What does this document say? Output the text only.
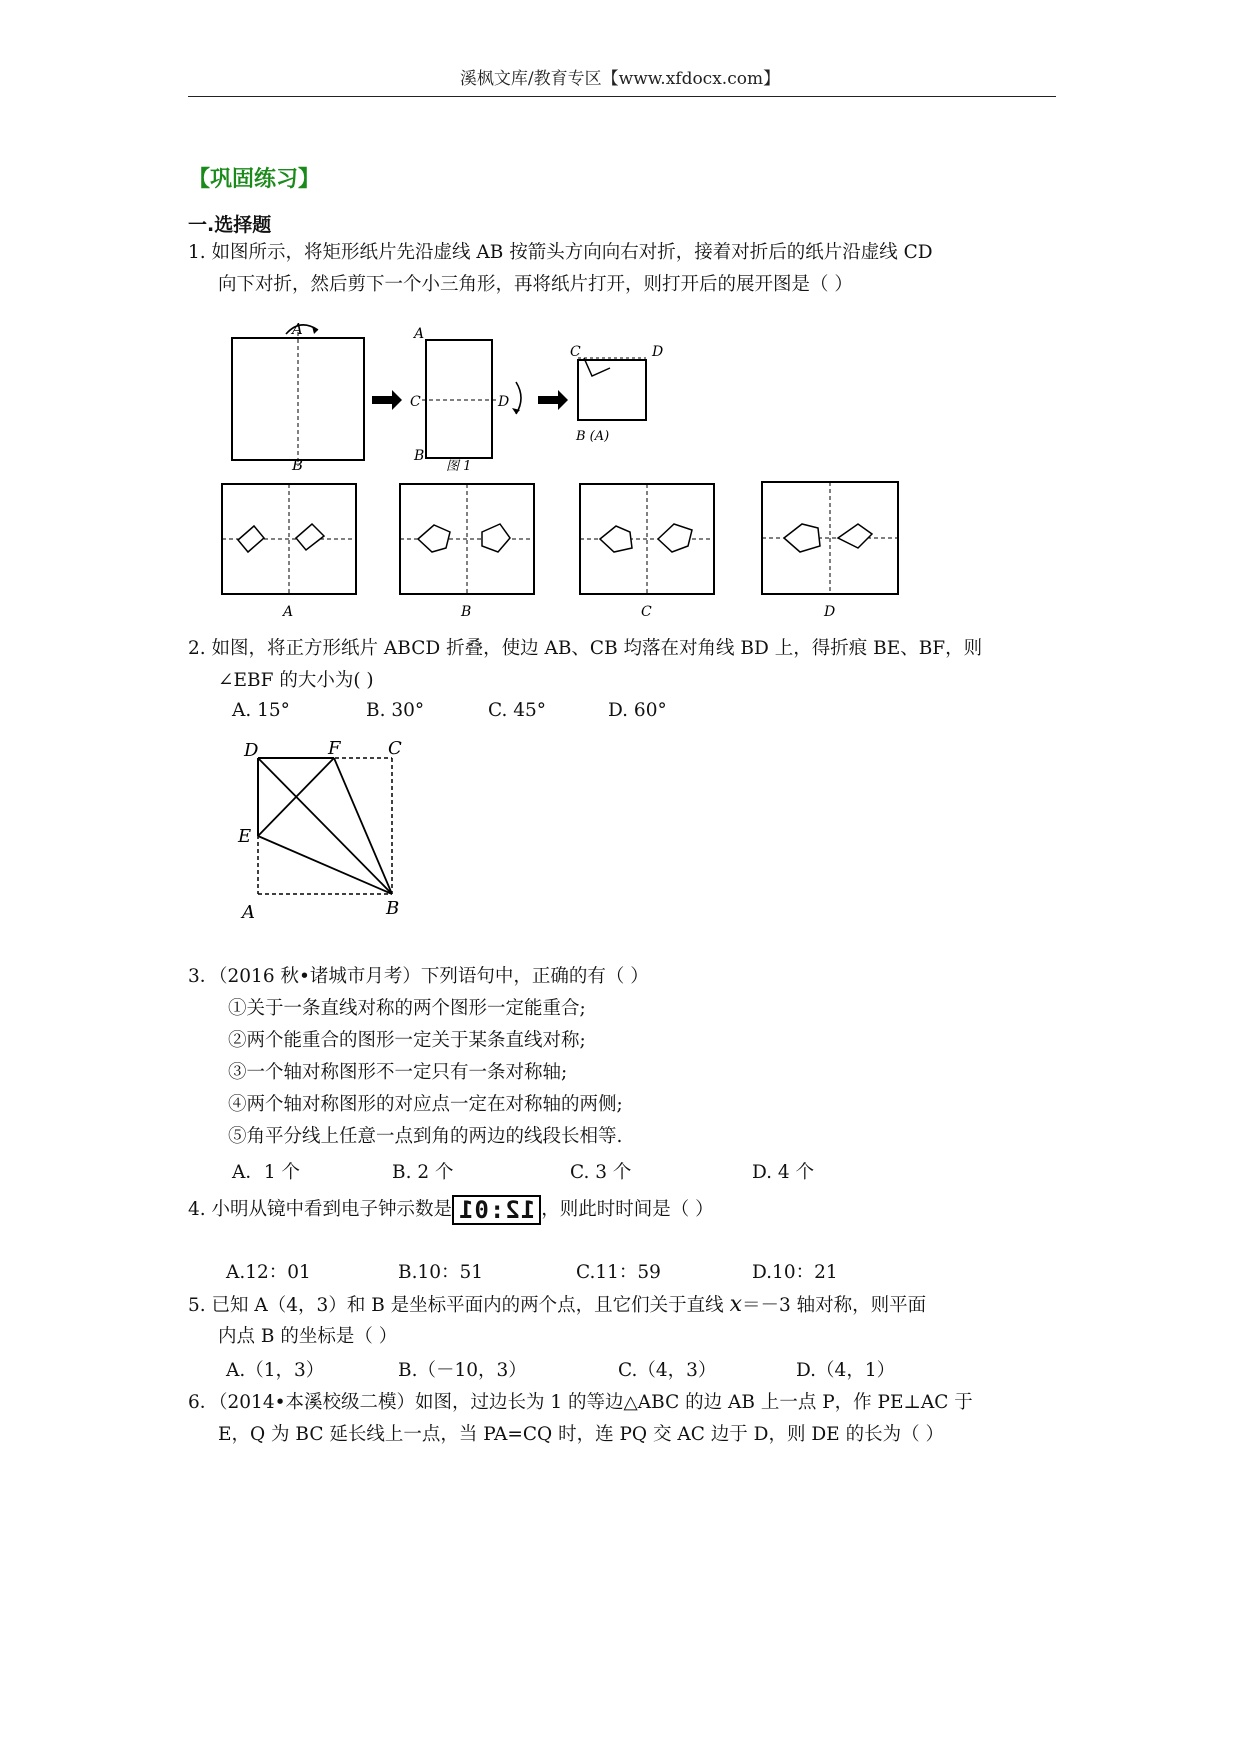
溪枫文库/教育专区【www.xfdocx.com】
【巩固练习】
一.选择题
1. 如图所示，将矩形纸片先沿虚线 AB 按箭头方向向右对折，接着对折后的纸片沿虚线 CD
向下对折，然后剪下一个小三角形，再将纸片打开，则打开后的展开图是（ ）
A
B
A
C	D
B
图 1
C	D
B (A)
A	B	C	D
2. 如图，将正方形纸片 ABCD 折叠，使边 AB、CB 均落在对角线 BD 上，得折痕 BE、BF，则
∠EBF 的大小为( )
A. 15°	B. 30°	C. 45°	D. 60°
D	F	C
E
A	B
3．（2016 秋•诸城市月考）下列语句中，正确的有（ ）
①关于一条直线对称的两个图形一定能重合;
②两个能重合的图形一定关于某条直线对称;
③一个轴对称图形不一定只有一条对称轴;
④两个轴对称图形的对应点一定在对称轴的两侧;
⑤角平分线上任意一点到角的两边的线段长相等.
A．1 个	B. 2 个	C. 3 个	D. 4 个
4. 小明从镜中看到电子钟示数是 12:01 ，则此时时间是（ ）
A.12：01	B.10：51	C.11：59	D.10：21
5. 已知 A（4，3）和 B 是坐标平面内的两个点，且它们关于直线 x＝－3 轴对称，则平面
内点 B 的坐标是（ ）
A.（1，3）	B.（－10，3）	C.（4，3）	D.（4，1）
6．（2014•本溪校级二模）如图，过边长为 1 的等边△ABC 的边 AB 上一点 P，作 PE⊥AC 于
E，Q 为 BC 延长线上一点，当 PA=CQ 时，连 PQ 交 AC 边于 D，则 DE 的长为（ ）
